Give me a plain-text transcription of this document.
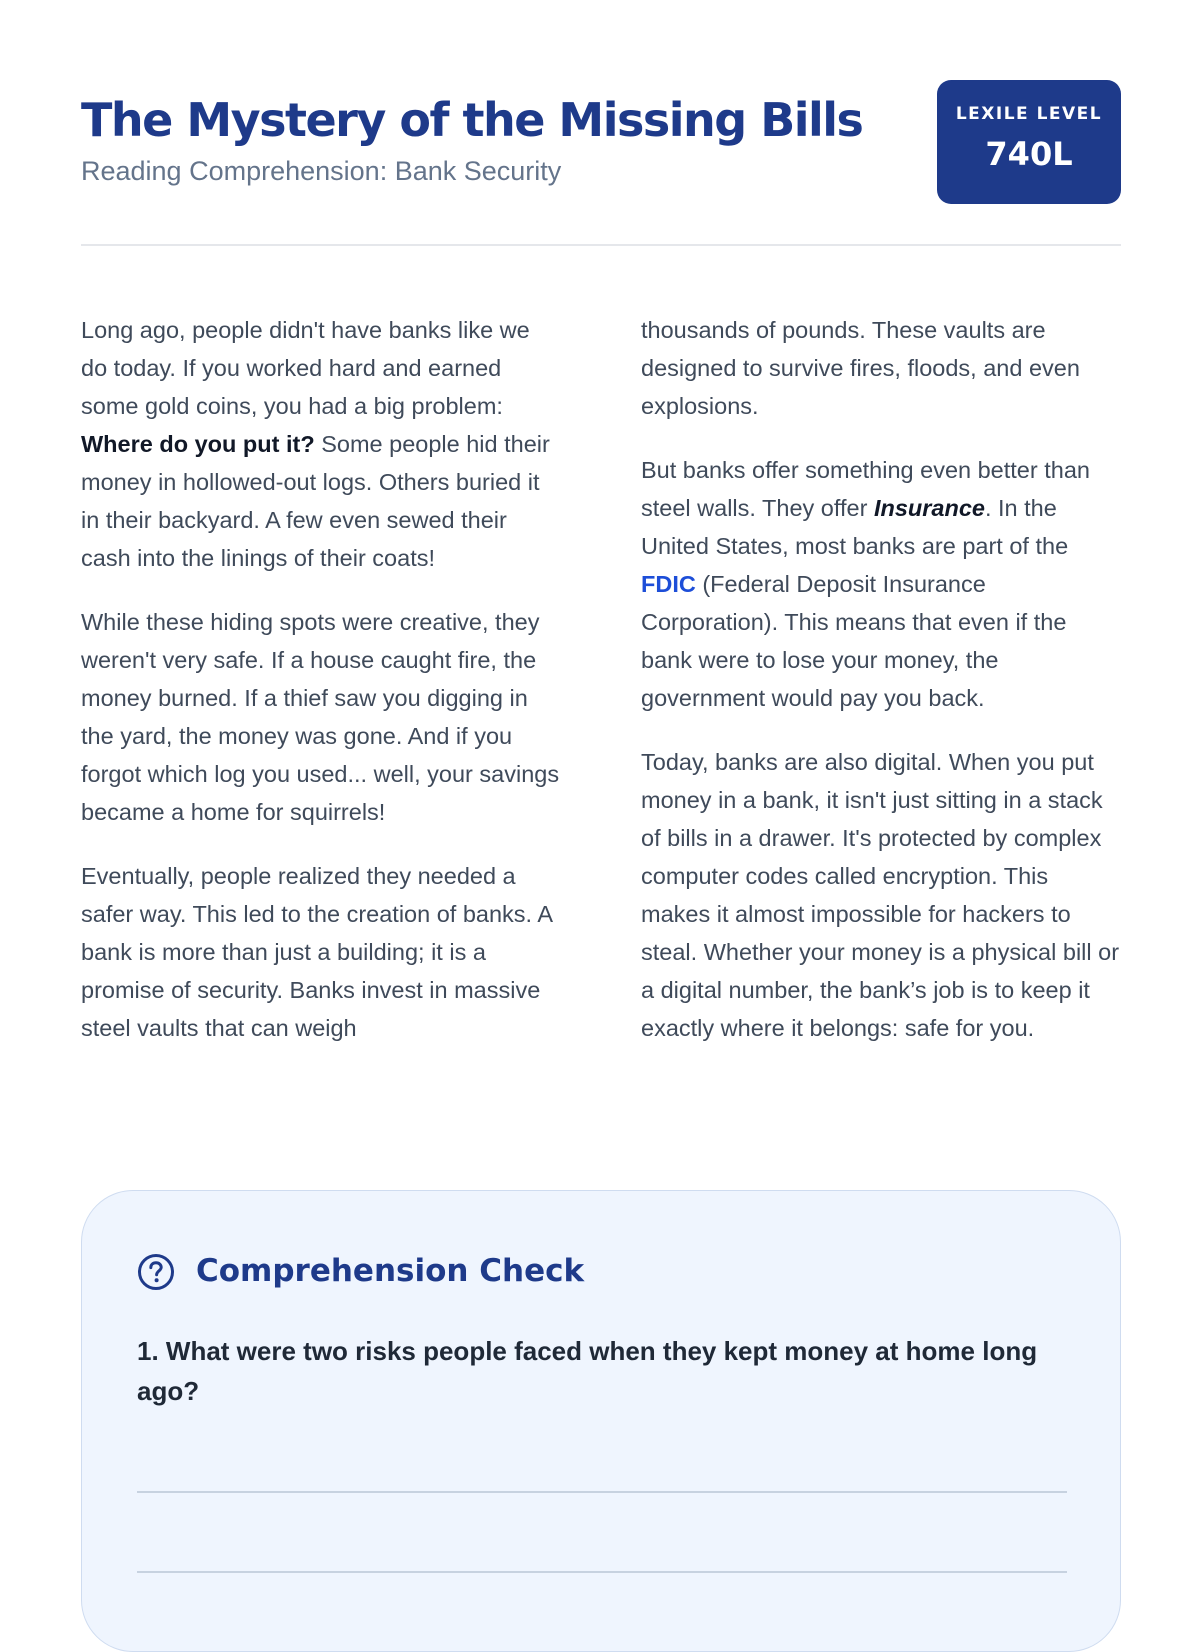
The Mystery of the Missing Bills
Reading Comprehension: Bank Security
LEXILE LEVEL
740L

Long ago, people didn't have banks like we do today. If you worked hard and earned some gold coins, you had a big problem: Where do you put it? Some people hid their money in hollowed-out logs. Others buried it in their backyard. A few even sewed their cash into the linings of their coats!

While these hiding spots were creative, they weren't very safe. If a house caught fire, the money burned. If a thief saw you digging in the yard, the money was gone. And if you forgot which log you used... well, your savings became a home for squirrels!

Eventually, people realized they needed a safer way. This led to the creation of banks. A bank is more than just a building; it is a promise of security. Banks invest in massive steel vaults that can weigh

thousands of pounds. These vaults are designed to survive fires, floods, and even explosions.

But banks offer something even better than steel walls. They offer Insurance. In the United States, most banks are part of the FDIC (Federal Deposit Insurance Corporation). This means that even if the bank were to lose your money, the government would pay you back.

Today, banks are also digital. When you put money in a bank, it isn't just sitting in a stack of bills in a drawer. It's protected by complex computer codes called encryption. This makes it almost impossible for hackers to steal. Whether your money is a physical bill or a digital number, the bank’s job is to keep it exactly where it belongs: safe for you.

Comprehension Check
1. What were two risks people faced when they kept money at home long ago?
